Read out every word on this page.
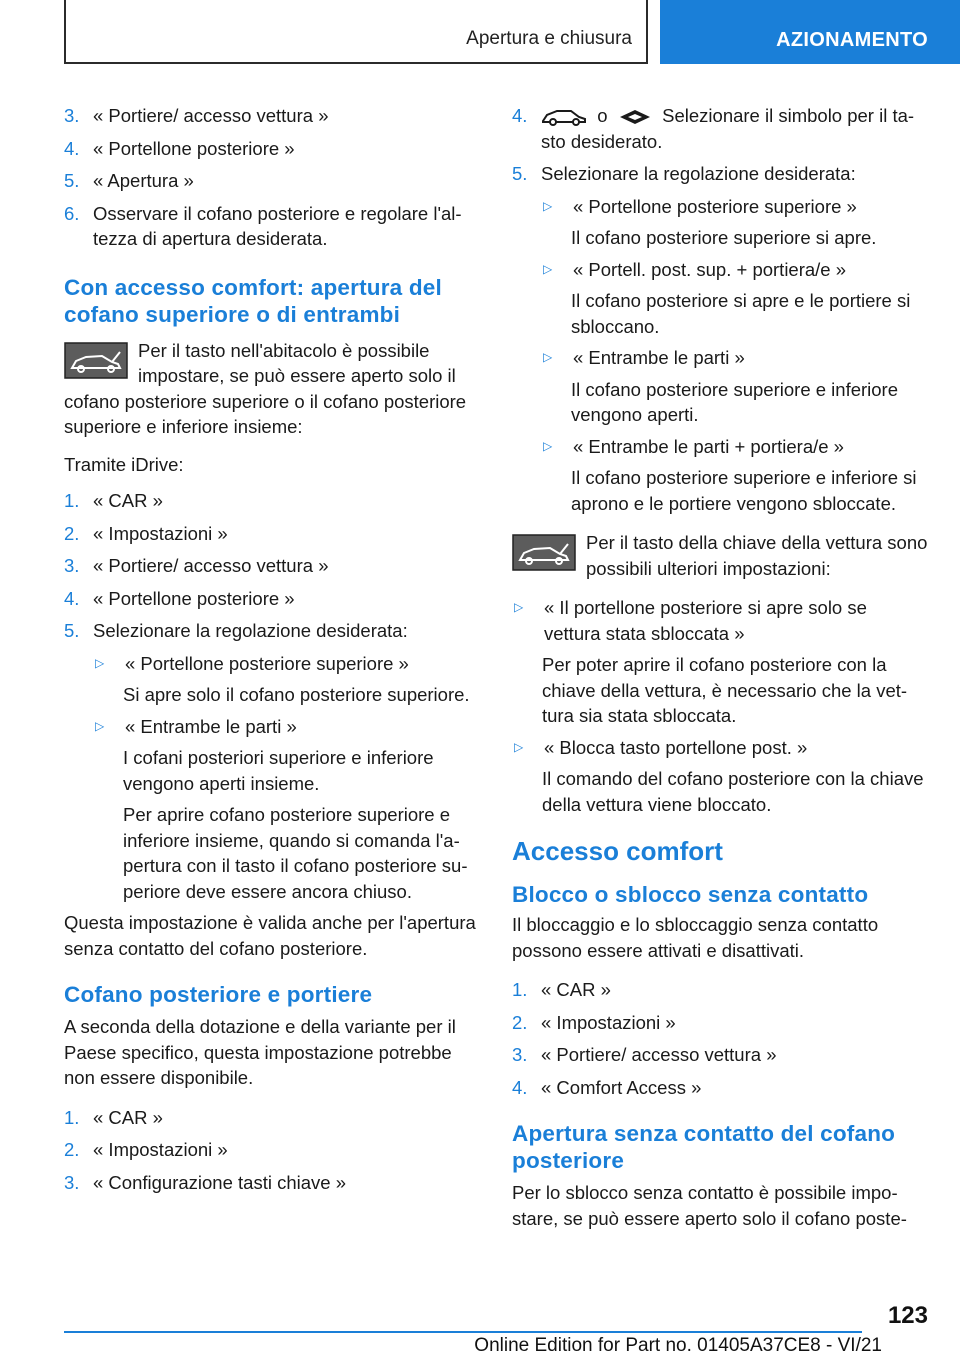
Apertura e chiusura	AZIONAMENTO
3. « Portiere/ accesso vettura »
4. « Portellone posteriore »
5. « Apertura »
6. Osservare il cofano posteriore e regolare l'altezza di apertura desiderata.
Con accesso comfort: apertura del cofano superiore o di entrambi
Per il tasto nell'abitacolo è possibile impostare, se può essere aperto solo il cofano posteriore superiore o il cofano posteriore superiore e inferiore insieme:
Tramite iDrive:
1. « CAR »
2. « Impostazioni »
3. « Portiere/ accesso vettura »
4. « Portellone posteriore »
5. Selezionare la regolazione desiderata:
▷	« Portellone posteriore superiore »
Si apre solo il cofano posteriore superiore.
▷	« Entrambe le parti »
I cofani posteriori superiore e inferiore vengono aperti insieme.
Per aprire cofano posteriore superiore e inferiore insieme, quando si comanda l'apertura con il tasto il cofano posteriore superiore deve essere ancora chiuso.
Questa impostazione è valida anche per l'apertura senza contatto del cofano posteriore.
Cofano posteriore e portiere
A seconda della dotazione e della variante per il Paese specifico, questa impostazione potrebbe non essere disponibile.
1. « CAR »
2. « Impostazioni »
3. « Configurazione tasti chiave »
4.	o	Selezionare il simbolo per il tasto desiderato.
5. Selezionare la regolazione desiderata:
▷	« Portellone posteriore superiore »
Il cofano posteriore superiore si apre.
▷	« Portell. post. sup. + portiera/e »
Il cofano posteriore si apre e le portiere si sbloccano.
▷	« Entrambe le parti »
Il cofano posteriore superiore e inferiore vengono aperti.
▷	« Entrambe le parti + portiera/e »
Il cofano posteriore superiore e inferiore si aprono e le portiere vengono sbloccate.
Per il tasto della chiave della vettura sono possibili ulteriori impostazioni:
▷	« Il portellone posteriore si apre solo se vettura stata sbloccata »
Per poter aprire il cofano posteriore con la chiave della vettura, è necessario che la vettura sia stata sbloccata.
▷	« Blocca tasto portellone post. »
Il comando del cofano posteriore con la chiave della vettura viene bloccato.
Accesso comfort
Blocco o sblocco senza contatto
Il bloccaggio e lo sbloccaggio senza contatto possono essere attivati e disattivati.
1. « CAR »
2. « Impostazioni »
3. « Portiere/ accesso vettura »
4. « Comfort Access »
Apertura senza contatto del cofano posteriore
Per lo sblocco senza contatto è possibile impostare, se può essere aperto solo il cofano poste-
123
Online Edition for Part no. 01405A37CE8 - VI/21
